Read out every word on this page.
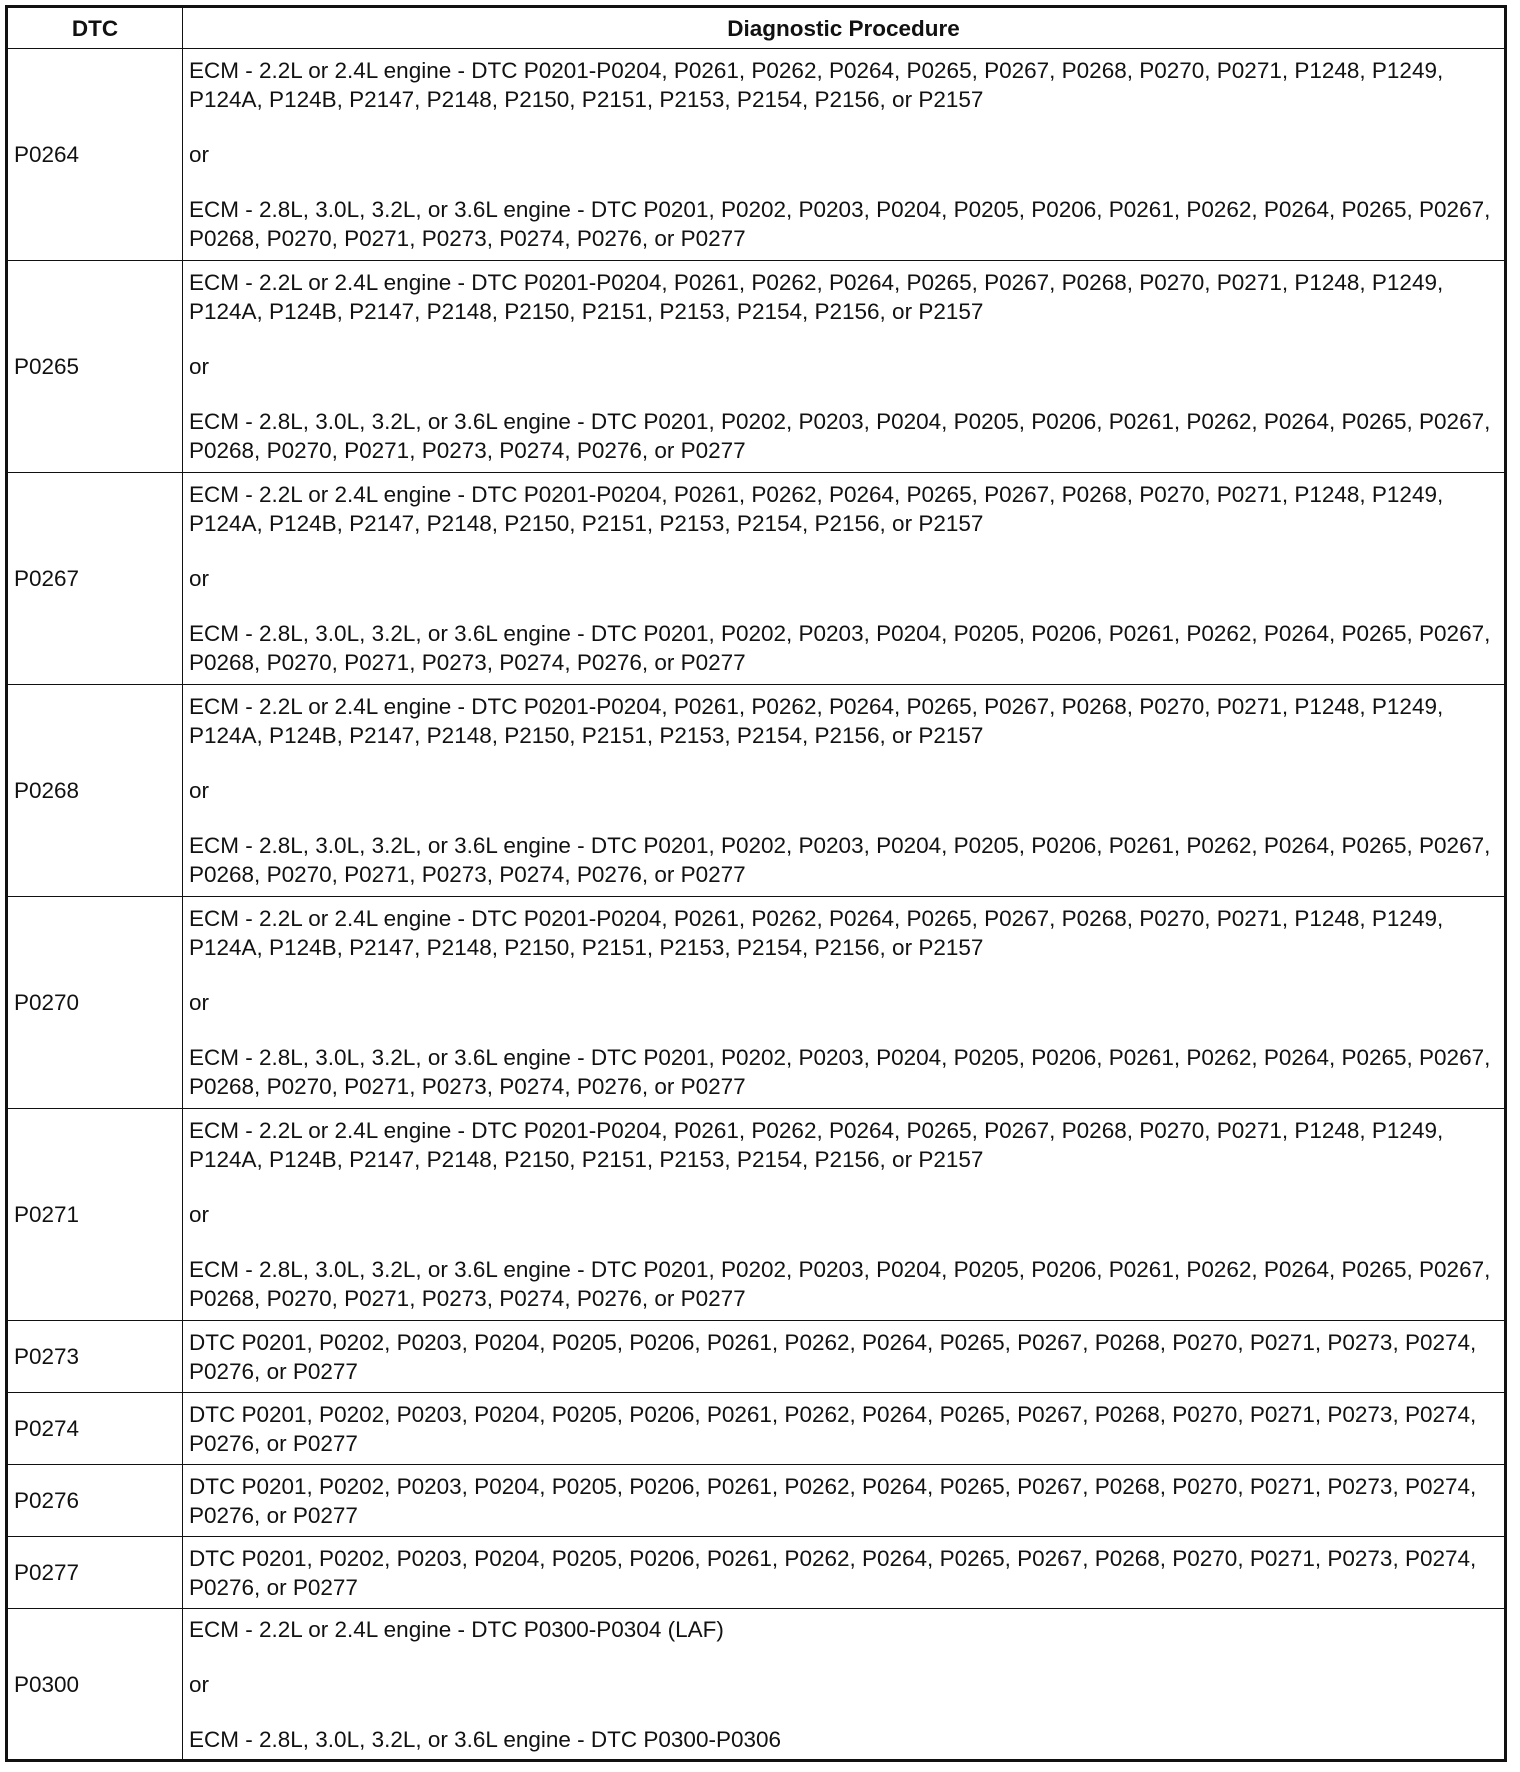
DTC	Diagnostic Procedure
P0264	ECM - 2.2L or 2.4L engine - DTC P0201-P0204, P0261, P0262, P0264, P0265, P0267, P0268, P0270, P0271, P1248, P1249, P124A, P124B, P2147, P2148, P2150, P2151, P2153, P2154, P2156, or P2157
or
ECM - 2.8L, 3.0L, 3.2L, or 3.6L engine - DTC P0201, P0202, P0203, P0204, P0205, P0206, P0261, P0262, P0264, P0265, P0267, P0268, P0270, P0271, P0273, P0274, P0276, or P0277

P0265	ECM - 2.2L or 2.4L engine - DTC P0201-P0204, P0261, P0262, P0264, P0265, P0267, P0268, P0270, P0271, P1248, P1249, P124A, P124B, P2147, P2148, P2150, P2151, P2153, P2154, P2156, or P2157
or
ECM - 2.8L, 3.0L, 3.2L, or 3.6L engine - DTC P0201, P0202, P0203, P0204, P0205, P0206, P0261, P0262, P0264, P0265, P0267, P0268, P0270, P0271, P0273, P0274, P0276, or P0277

P0267	ECM - 2.2L or 2.4L engine - DTC P0201-P0204, P0261, P0262, P0264, P0265, P0267, P0268, P0270, P0271, P1248, P1249, P124A, P124B, P2147, P2148, P2150, P2151, P2153, P2154, P2156, or P2157
or
ECM - 2.8L, 3.0L, 3.2L, or 3.6L engine - DTC P0201, P0202, P0203, P0204, P0205, P0206, P0261, P0262, P0264, P0265, P0267, P0268, P0270, P0271, P0273, P0274, P0276, or P0277

P0268	ECM - 2.2L or 2.4L engine - DTC P0201-P0204, P0261, P0262, P0264, P0265, P0267, P0268, P0270, P0271, P1248, P1249, P124A, P124B, P2147, P2148, P2150, P2151, P2153, P2154, P2156, or P2157
or
ECM - 2.8L, 3.0L, 3.2L, or 3.6L engine - DTC P0201, P0202, P0203, P0204, P0205, P0206, P0261, P0262, P0264, P0265, P0267, P0268, P0270, P0271, P0273, P0274, P0276, or P0277

P0270	ECM - 2.2L or 2.4L engine - DTC P0201-P0204, P0261, P0262, P0264, P0265, P0267, P0268, P0270, P0271, P1248, P1249, P124A, P124B, P2147, P2148, P2150, P2151, P2153, P2154, P2156, or P2157
or
ECM - 2.8L, 3.0L, 3.2L, or 3.6L engine - DTC P0201, P0202, P0203, P0204, P0205, P0206, P0261, P0262, P0264, P0265, P0267, P0268, P0270, P0271, P0273, P0274, P0276, or P0277

P0271	ECM - 2.2L or 2.4L engine - DTC P0201-P0204, P0261, P0262, P0264, P0265, P0267, P0268, P0270, P0271, P1248, P1249, P124A, P124B, P2147, P2148, P2150, P2151, P2153, P2154, P2156, or P2157
or
ECM - 2.8L, 3.0L, 3.2L, or 3.6L engine - DTC P0201, P0202, P0203, P0204, P0205, P0206, P0261, P0262, P0264, P0265, P0267, P0268, P0270, P0271, P0273, P0274, P0276, or P0277

P0273	DTC P0201, P0202, P0203, P0204, P0205, P0206, P0261, P0262, P0264, P0265, P0267, P0268, P0270, P0271, P0273, P0274, P0276, or P0277
P0274	DTC P0201, P0202, P0203, P0204, P0205, P0206, P0261, P0262, P0264, P0265, P0267, P0268, P0270, P0271, P0273, P0274, P0276, or P0277
P0276	DTC P0201, P0202, P0203, P0204, P0205, P0206, P0261, P0262, P0264, P0265, P0267, P0268, P0270, P0271, P0273, P0274, P0276, or P0277
P0277	DTC P0201, P0202, P0203, P0204, P0205, P0206, P0261, P0262, P0264, P0265, P0267, P0268, P0270, P0271, P0273, P0274, P0276, or P0277
P0300	ECM - 2.2L or 2.4L engine - DTC P0300-P0304 (LAF)
or
ECM - 2.8L, 3.0L, 3.2L, or 3.6L engine - DTC P0300-P0306
